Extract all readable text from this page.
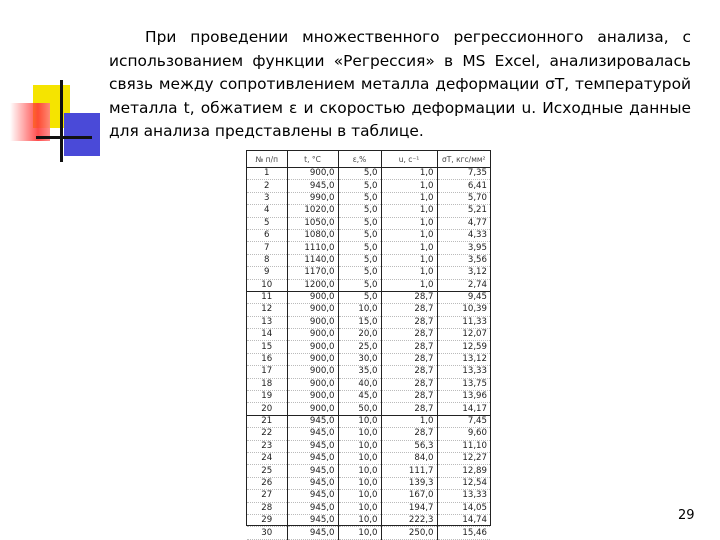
При проведении множественного регрессионного анализа, с использованием функции «Регрессия» в MS Excel, анализировалась связь между сопротивлением металла деформации σT, температурой металла t, обжатием ε и скоростью деформации u. Исходные данные для анализа представлены в таблице.

№ п/п	t, °С	ε,%	u, c⁻¹	σT, кгс/мм²
1	900,0	5,0	1,0	7,35
2	945,0	5,0	1,0	6,41
3	990,0	5,0	1,0	5,70
4	1020,0	5,0	1,0	5,21
5	1050,0	5,0	1,0	4,77
6	1080,0	5,0	1,0	4,33
7	1110,0	5,0	1,0	3,95
8	1140,0	5,0	1,0	3,56
9	1170,0	5,0	1,0	3,12
10	1200,0	5,0	1,0	2,74
11	900,0	5,0	28,7	9,45
12	900,0	10,0	28,7	10,39
13	900,0	15,0	28,7	11,33
14	900,0	20,0	28,7	12,07
15	900,0	25,0	28,7	12,59
16	900,0	30,0	28,7	13,12
17	900,0	35,0	28,7	13,33
18	900,0	40,0	28,7	13,75
19	900,0	45,0	28,7	13,96
20	900,0	50,0	28,7	14,17
21	945,0	10,0	1,0	7,45
22	945,0	10,0	28,7	9,60
23	945,0	10,0	56,3	11,10
24	945,0	10,0	84,0	12,27
25	945,0	10,0	111,7	12,89
26	945,0	10,0	139,3	12,54
27	945,0	10,0	167,0	13,33
28	945,0	10,0	194,7	14,05
29	945,0	10,0	222,3	14,74
30	945,0	10,0	250,0	15,46
29
